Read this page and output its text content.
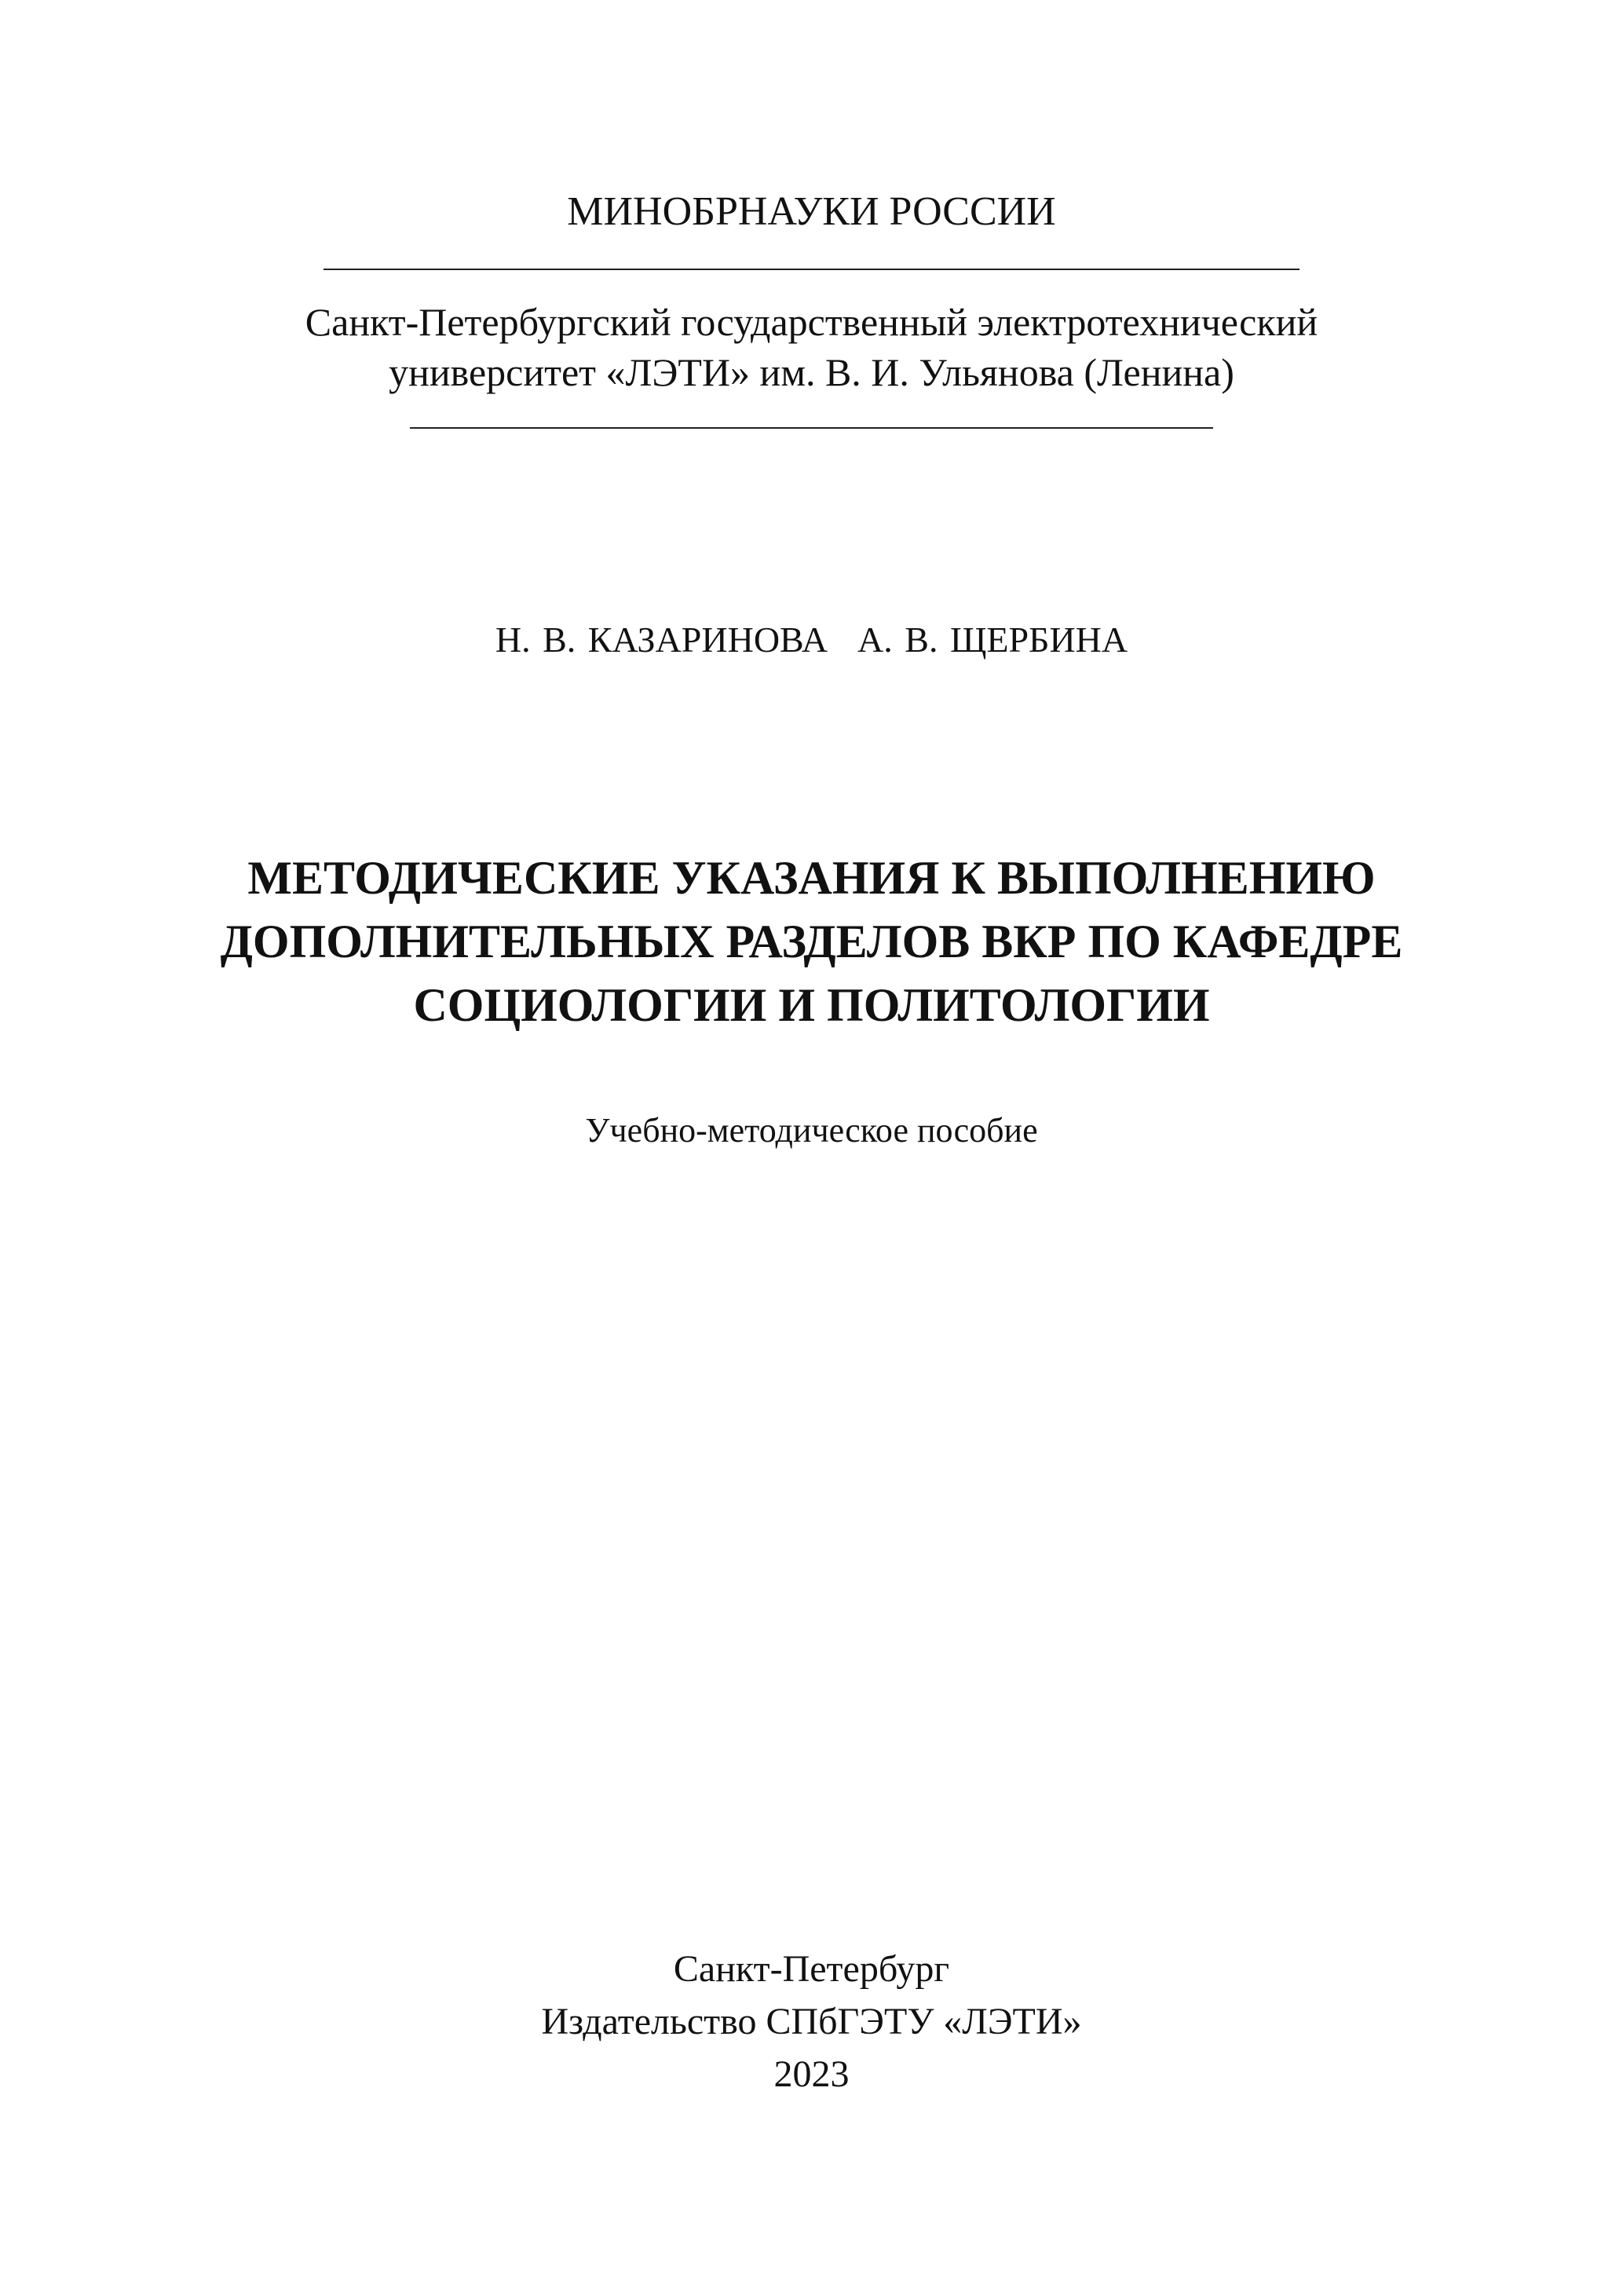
МИНОБРНАУКИ РОССИИ
Санкт-Петербургский государственный электротехнический
университет «ЛЭТИ» им. В. И. Ульянова (Ленина)
Н. В. КАЗАРИНОВА А. В. ЩЕРБИНА
МЕТОДИЧЕСКИЕ УКАЗАНИЯ К ВЫПОЛНЕНИЮ
ДОПОЛНИТЕЛЬНЫХ РАЗДЕЛОВ ВКР ПО КАФЕДРЕ
СОЦИОЛОГИИ И ПОЛИТОЛОГИИ
Учебно-методическое пособие
Санкт-Петербург
Издательство СПбГЭТУ «ЛЭТИ»
2023
